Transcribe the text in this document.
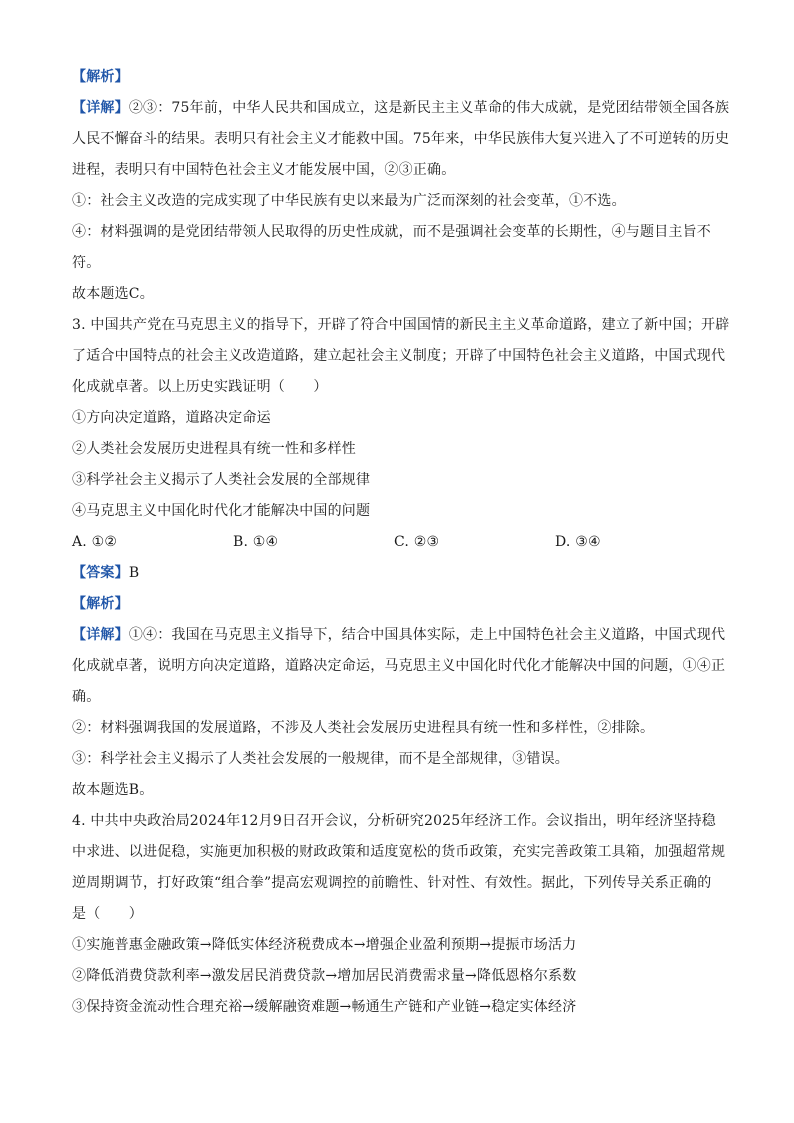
【解析】
【详解】②③：75年前，中华人民共和国成立，这是新民主主义革命的伟大成就，是党团结带领全国各族
人民不懈奋斗的结果。表明只有社会主义才能救中国。75年来，中华民族伟大复兴进入了不可逆转的历史
进程，表明只有中国特色社会主义才能发展中国，②③正确。
①：社会主义改造的完成实现了中华民族有史以来最为广泛而深刻的社会变革，①不选。
④：材料强调的是党团结带领人民取得的历史性成就，而不是强调社会变革的长期性，④与题目主旨不
符。
故本题选C。
3. 中国共产党在马克思主义的指导下，开辟了符合中国国情的新民主主义革命道路，建立了新中国；开辟
了适合中国特点的社会主义改造道路，建立起社会主义制度；开辟了中国特色社会主义道路，中国式现代
化成就卓著。以上历史实践证明（　　）
①方向决定道路，道路决定命运
②人类社会发展历史进程具有统一性和多样性
③科学社会主义揭示了人类社会发展的全部规律
④马克思主义中国化时代化才能解决中国的问题
A. ①②	B. ①④	C. ②③	D. ③④
【答案】B
【解析】
【详解】①④：我国在马克思主义指导下，结合中国具体实际，走上中国特色社会主义道路，中国式现代
化成就卓著，说明方向决定道路，道路决定命运，马克思主义中国化时代化才能解决中国的问题，①④正
确。
②：材料强调我国的发展道路，不涉及人类社会发展历史进程具有统一性和多样性，②排除。
③：科学社会主义揭示了人类社会发展的一般规律，而不是全部规律，③错误。
故本题选B。
4. 中共中央政治局2024年12月9日召开会议，分析研究2025年经济工作。会议指出，明年经济坚持稳
中求进、以进促稳，实施更加积极的财政政策和适度宽松的货币政策，充实完善政策工具箱，加强超常规
逆周期调节，打好政策“组合拳”提高宏观调控的前瞻性、针对性、有效性。据此，下列传导关系正确的
是（　　）
①实施普惠金融政策→降低实体经济税费成本→增强企业盈利预期→提振市场活力
②降低消费贷款利率→激发居民消费贷款→增加居民消费需求量→降低恩格尔系数
③保持资金流动性合理充裕→缓解融资难题→畅通生产链和产业链→稳定实体经济
